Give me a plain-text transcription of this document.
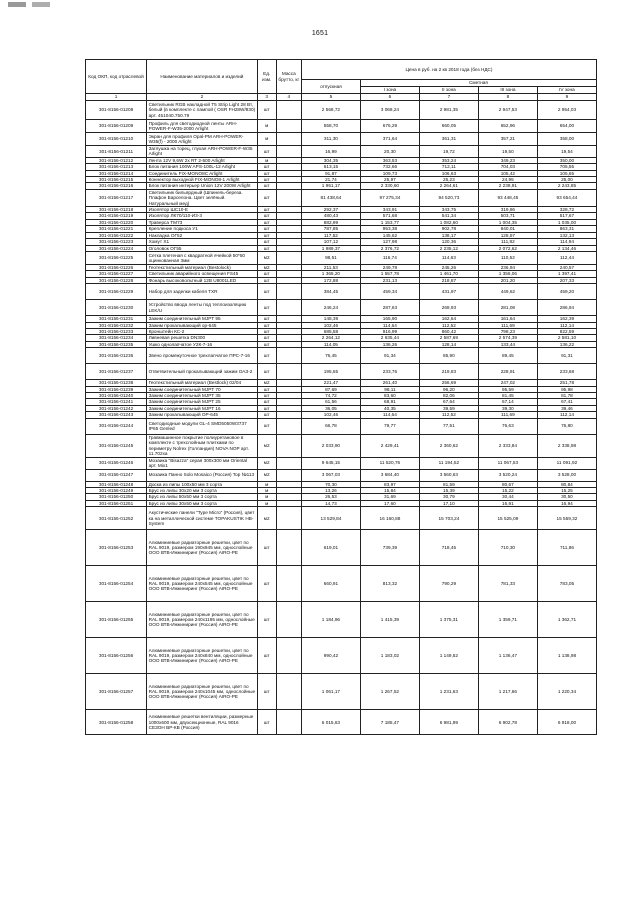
1651
Код ОКП, код отраслевой	Наименование материалов и изделий	Ед. изм.	Масса брутто, кг	Цена в руб. на 2 кв 2018 года (без НДС)				
				отпускная	Сметная			
					I зона	II зона	III зона	IV зона
1	2	3	4	5	6	7	8	9
301-8156-01208	Светильник RGB накладной T5 Strip Light 28 Вт, белый (в комплекте с лампой ( OSR FH28W/830) арт. 451040.750.79	шт		2 568,72	3 068,24	2 981,35	2 947,53	2 954,03
301-8156-01209	Профиль для светодиодной ленты ARH-POWER-F-W35-2000 Arlight	м		558,70	676,29	660,05	652,96	654,00
301-8156-01210	Экран для профиля Opal-PM ARH-POWER-W35(f) - 2000 Arlight	м		311,30	371,64	361,31	357,21	358,00
301-8156-01211	Заглушка на торец, глухая ARH-POWER-F-W35 Arlight	шт		16,99	20,30	19,72	19,50	19,54
301-8156-01212	Лента 12V 9,6W 2x RT 2-500 Arlight	м		304,35	363,53	353,24	349,23	350,00
301-8156-01213	Блок питания 100W APS-100L-12 Arlight	шт		613,15	732,66	712,11	704,03	705,55
301-8156-01214	Соединитель FIX-MONO8C Arlight	шт		91,87	109,73	106,63	105,42	105,65
301-8156-01215	Коннектор выходной FIX-MONO8-1 Arlight	шт		21,74	25,97	25,23	24,95	25,00
301-8156-01216	Блок питания интерьер Union 12V 200W Arlight	шт		1 951,17	2 330,60	2 264,61	2 238,91	2 243,85
301-8156-01217	Светильник бильярдный (Шпинель-береза. Плафон Барселона. Цвет зелёный. Натуральный мед)	шт		81 438,64	97 275,34	94 520,73	93 448,45	93 654,44
301-8156-01218	Изолятор ШС10-Е	шт		292,37	343,91	343,75	319,86	328,72
301-8156-01219	Изолятор ЛК70/110-И3-3	шт		480,43	571,68	541,34	503,71	517,67
301-8156-01220	Траверса ТМ73	шт		882,99	1 153,77	1 082,60	1 004,35	1 035,00
301-8156-01221	Крепление подкоса У1	шт		787,85	953,38	902,78	840,01	863,31
301-8156-01222	Накладка ОГ52	шт		117,52	145,62	138,17	128,57	132,13
301-8156-01223	Хомут Х1	шт		107,12	127,98	120,36	111,82	114,94
301-8156-01224	Оголовок ОГ55	шт		1 989,37	2 376,72	2 235,12	2 072,62	2 134,46
301-8156-01225	Сетка плетеная с квадратной ячейкой 50*50 оцинкованная 3мм	м2		98,51	116,74	114,63	110,52	112,44
301-8156-01226	Геотекстильный материал (Bestolock)	м2		211,53	249,78	245,26	236,94	240,57
301-8156-01227	Светильник аварийного освещения FS45	шт		1 365,20	1 557,78	1 461,70	1 356,06	1 397,41
301-8156-01228	Фонарь высоковольтный 12В U8001LED	шт		172,88	231,13	218,87	201,20	207,33
301-8156-01229	Набор для заделки кабеля TXR	шт		384,45	459,34	431,97	449,62	459,20
301-8156-01230	Устройство ввода ленты под теплоизоляцию LEK/U	шт		246,24	287,63	269,93	281,08	286,94
301-8156-01231	Зажим соединительный MJPT 95	шт		148,39	165,90	162,64	161,64	162,39
301-8156-01232	Зажим прокалывающий ор-645	шт		102,46	114,64	112,52	111,69	112,14
301-8156-01233	Кронштейн КС-2	шт		685,58	916,99	860,42	798,23	822,59
301-8156-01234	Ливневая решетка DN300	шт		2 264,12	2 635,44	2 587,69	2 574,39	2 581,10
301-8156-01235	Ушко однолапчатое У2К-7-16	шт		114,05	136,26	128,14	133,44	136,22
301-8156-01236	Звено промежуточное трехлапчатое ПРС-7-16	шт		76,45	91,34	85,90	89,45	91,31
301-8156-01237	Ответвительный прокалывающий зажим ОАЗ-2	шт		195,65	233,76	219,83	228,91	233,68
301-8156-01238	Геотекстильный материал (Bestlock) 02/04	м2		221,47	261,40	256,69	247,02	251,78
301-8156-01239	Зажим соединительный MJPT 70	шт		87,69	98,11	96,20	95,59	95,98
301-8156-01240	Зажим соединительный MJPT 35	шт		74,72	83,60	82,06	81,45	81,78
301-8156-01241	Зажим соединительный MJPT 25	шт		61,56	68,91	67,64	67,14	67,41
301-8156-01242	Зажим соединительный MJPT 16	шт		36,05	40,35	39,59	39,30	39,46
301-8156-01243	Зажим прокалывающий ОР-645	шт		102,46	114,64	112,52	111,69	112,14
301-8156-01244	Светодиодные модули GL-4 SMD5050W3737 IP65 Genled	шт		66,78	79,77	77,51	76,63	76,80
301-8156-01245	Гравмашинное покрытие полиуретановое в комплекте с трехслойным плитками по периметру Nolrex (Голландия) NOVA NOP арт. 11.702xa	м2		2 033,90	2 429,41	2 360,62	2 333,84	2 338,98
301-8156-01246	Мозаика "Bisazza" серая 300х300 мм Oriental арт. Mix1	м2		9 645,15	11 520,76	11 194,52	11 067,53	11 091,92
301-8156-01247	Мозаика Панно Solo Mosaico (Россия) Top №113	м2		3 067,03	3 684,40	3 560,63	3 520,24	3 528,00
301-8156-01248	Доска из липы 100х50 мм 3 сорта	м		70,30	83,97	81,59	80,67	80,84
301-8156-01249	Брус из липы 30х20 мм 3 сорта	м		13,26	15,84	15,39	15,22	15,25
301-8156-01250	Брус из липы 50х50 мм 3 сорта	м		26,53	31,69	30,79	30,44	30,50
301-8156-01251	Брус из липы 30х50 мм 3 сорта	м		14,73	17,60	17,10	16,91	16,94
301-8156-01252	Акустические панели "Type Micro" (Россия), цвет ка на металлической системе TOPAKUSTIK HB-System	м2		13 529,84	16 160,88	15 703,24	15 525,09	15 559,32
301-8156-01253	Алюминиевые радиаторные решетки, цвет по RAL 9019, размером 190х945 мм, однослойные ООО ВТВ-Инжиниринг (Россия) AIRO-PE	шт		619,01	739,39	718,45	710,30	711,86
301-8156-01254	Алюминиевые радиаторные решетки, цвет по RAL 9019, размером 240х545 мм, однослойные ООО ВТВ-Инжиниринг (Россия) AIRO-PE	шт		660,91	813,32	790,29	781,33	783,05
301-8156-01255	Алюминиевые радиаторные решетки, цвет по RAL 9019, размером 240х1195 мм, однослойные ООО ВТВ-Инжиниринг (Россия) AIRO-PE	шт		1 184,96	1 415,39	1 375,31	1 359,71	1 362,71
301-8156-01256	Алюминиевые радиаторные решетки, цвет по RAL 9019, размером 240х840 мм, однослойные ООО ВТВ-Инжиниринг (Россия) AIRO-PE	шт		990,42	1 183,02	1 149,52	1 136,47	1 138,98
301-8156-01257	Алюминиевые радиаторные решетки, цвет по RAL 9019, размером 240х1045 мм, однослойные ООО ВТВ-Инжиниринг (Россия) AIRO-PE	шт		1 061,17	1 267,52	1 231,63	1 217,66	1 220,34
301-8156-01258	Алюминиевые решетки вентиляции, размерные 1000х600 мм, двухсекционные, RAL 9016 СЕЗОН BP-КВ (Россия)	шт		6 015,63	7 185,47	6 981,99	6 902,78	6 918,00
